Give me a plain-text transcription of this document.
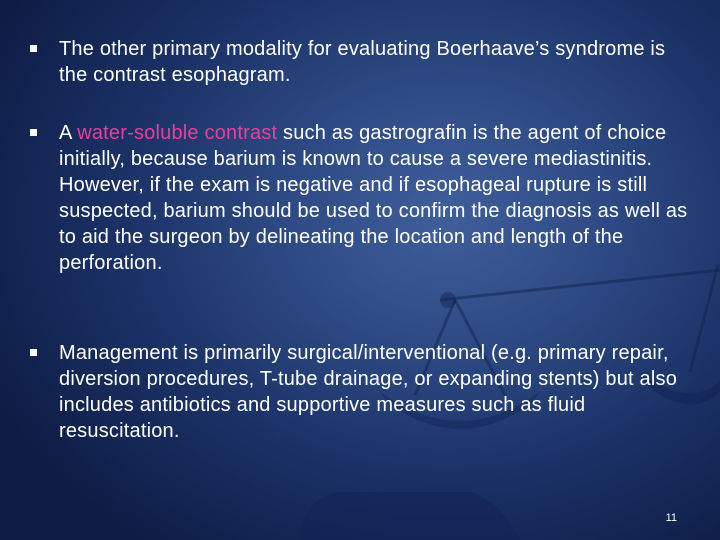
The other primary modality for evaluating Boerhaave’s syndrome is the contrast esophagram.
A water-soluble contrast such as gastrografin is the agent of choice initially, because barium is known to cause a severe mediastinitis. However, if the exam is negative and if esophageal rupture is still suspected, barium should be used to confirm the diagnosis as well as to aid the surgeon by delineating the location and length of the perforation.
Management is primarily surgical/interventional (e.g. primary repair, diversion procedures, T-tube drainage, or expanding stents) but also includes antibiotics and supportive measures such as fluid resuscitation.
11
